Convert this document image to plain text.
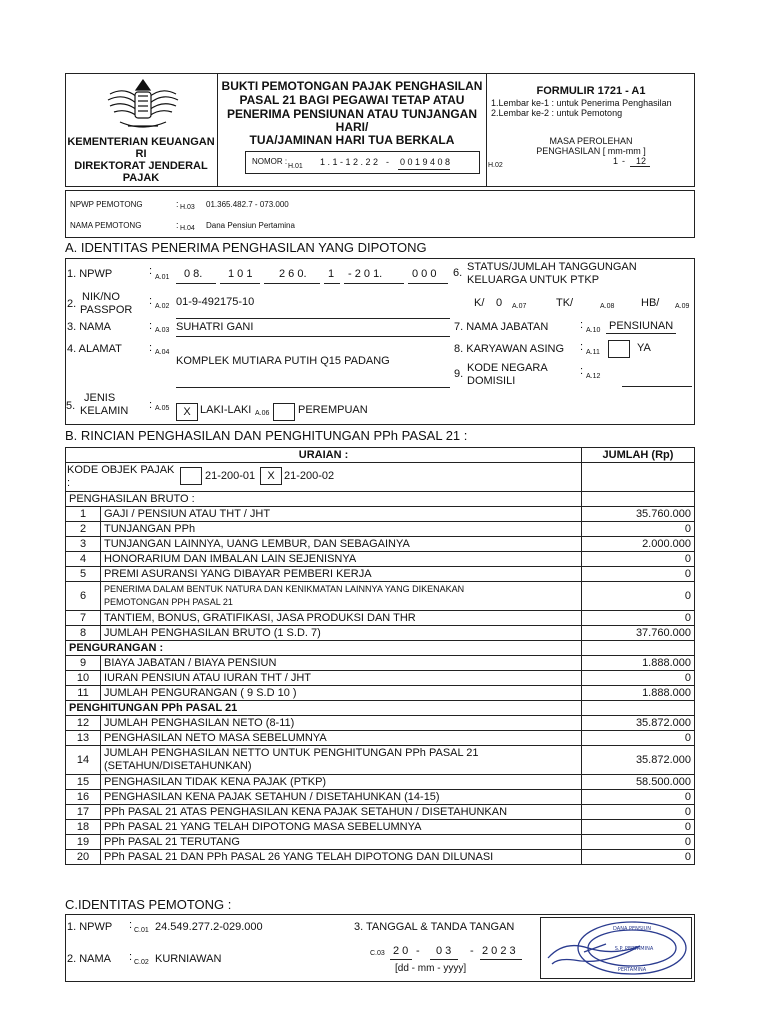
KEMENTERIAN KEUANGAN
RI
DIREKTORAT JENDERAL
PAJAK
BUKTI PEMOTONGAN PAJAK PENGHASILAN
PASAL 21 BAGI PEGAWAI TETAP ATAU
PENERIMA PENSIUNAN ATAU TUNJANGAN
HARI/
TUA/JAMINAN HARI TUA BERKALA
NOMOR :
H.01 1 . 1 - 1 2 . 2 2 - 0 0 1 9 4 0 8	H.02
FORMULIR 1721 - A1
1.Lembar ke-1 : untuk Penerima Penghasilan
2.Lembar ke-2 : untuk Pemotong
MASA PEROLEHAN
PENGHASILAN [ mm-mm ]
1 - 12
NPWP PEMOTONG	: H.03 01.365.482.7 - 073.000
NAMA PEMOTONG	: H.04 Dana Pensiun Pertamina
A. IDENTITAS PENERIMA PENGHASILAN YANG DIPOTONG
1. NPWP	:
A.01 0 8. 1 0 1 2 6 0. 1 - 2 0 1.	0 0 0
2.
NIK/NO
PASSPOR
: A.02 01-9-492175-10
3. NAMA	: A.03 SUHATRI GANI
4. ALAMAT : A.04
KOMPLEK MUTIARA PUTIH Q15 PADANG
5.
JENIS
KELAMIN : A.05	X LAKI-LAKI A.06	PEREMPUAN
6. STATUS/JUMLAH TANGGUNGAN
KELUARGA UNTUK PTKP
K/ 0 A.07	TK/	A.08 HB/ A.09
7. NAMA JABATAN	: A.10 PENSIUNAN
8. KARYAWAN ASING : A.11	YA
9. KODE NEGARA
DOMISILI
: A.12
B. RINCIAN PENGHASILAN DAN PENGHITUNGAN PPh PASAL 21 :
URAIAN :		JUMLAH (Rp)

KODE OBJEK PAJAK
:
21-200-01 X 21-200-02		

PENGHASILAN BRUTO :		
1	GAJI / PENSIUN ATAU THT / JHT	35.760.000
2	TUNJANGAN PPh	0
3	TUNJANGAN LAINNYA, UANG LEMBUR, DAN SEBAGAINYA	2.000.000
4	HONORARIUM DAN IMBALAN LAIN SEJENISNYA	0
5	PREMI ASURANSI YANG DIBAYAR PEMBERI KERJA	0
6	PENERIMA DALAM BENTUK NATURA DAN KENIKMATAN LAINNYA YANG DIKENAKAN
PEMOTONGAN PPH PASAL 21	0
7	TANTIEM, BONUS, GRATIFIKASI, JASA PRODUKSI DAN THR	0
8	JUMLAH PENGHASILAN BRUTO (1 S.D. 7)	37.760.000
PENGURANGAN :		
9	BIAYA JABATAN / BIAYA PENSIUN	1.888.000
10	IURAN PENSIUN ATAU IURAN THT / JHT	0
11	JUMLAH PENGURANGAN ( 9 S.D 10 )	1.888.000
PENGHITUNGAN PPh PASAL 21		
12	JUMLAH PENGHASILAN NETO (8-11)	35.872.000
13	PENGHASILAN NETO MASA SEBELUMNYA	0
14	JUMLAH PENGHASILAN NETTO UNTUK PENGHITUNGAN PPh PASAL 21
(SETAHUN/DISETAHUNKAN)	35.872.000
15	PENGHASILAN TIDAK KENA PAJAK (PTKP)	58.500.000
16	PENGHASILAN KENA PAJAK SETAHUN / DISETAHUNKAN (14-15)	0
17	PPh PASAL 21 ATAS PENGHASILAN KENA PAJAK SETAHUN / DISETAHUNKAN	0
18	PPh PASAL 21 YANG TELAH DIPOTONG MASA SEBELUMNYA	0
19	PPh PASAL 21 TERUTANG	0
20	PPh PASAL 21 DAN PPh PASAL 26 YANG TELAH DIPOTONG DAN DILUNASI	0
C.IDENTITAS PEMOTONG :
1. NPWP : C.01 24.549.277.2-029.000
2. NAMA : C.02 KURNIAWAN
3. TANGGAL & TANDA TANGAN
C.03 2 0 - 0 3 - 2 0 2 3
[dd - mm - yyyy]
DANA PENSIUN
S.P. PERTAMINA
PERTAMINA
